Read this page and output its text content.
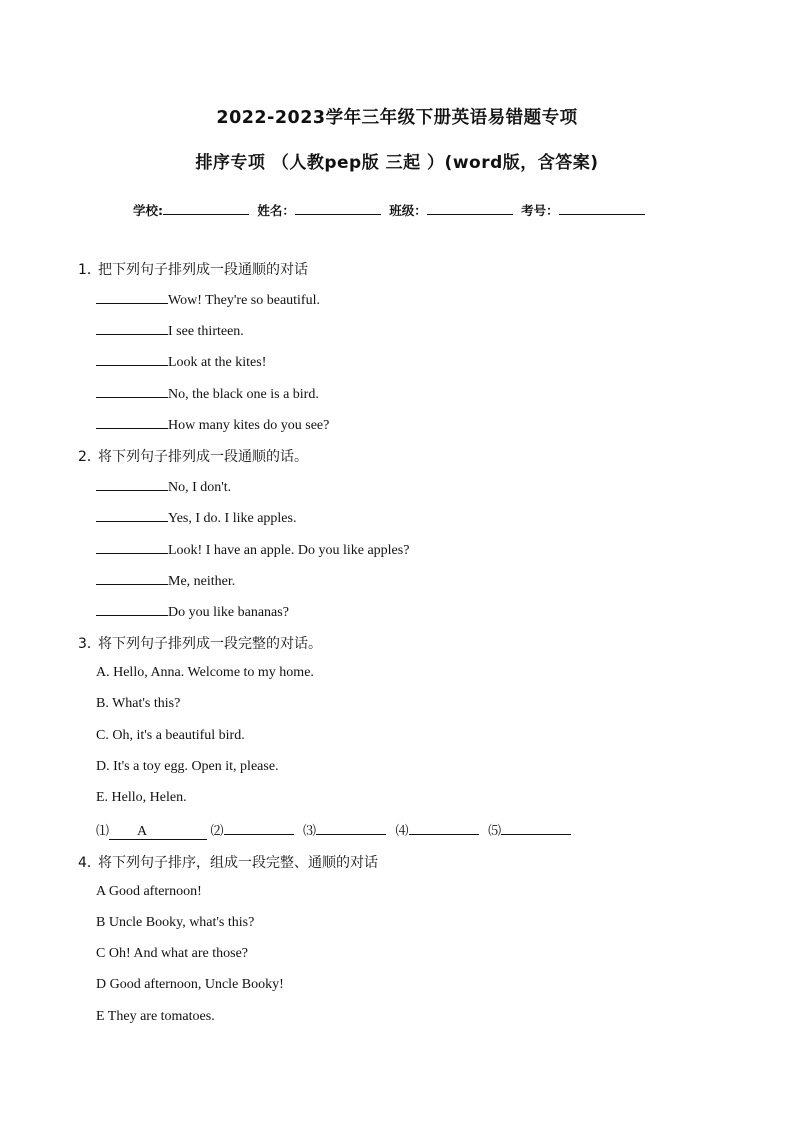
2022-2023学年三年级下册英语易错题专项
排序专项 （人教pep版 三起 ）(word版，含答案)
学校:	姓名：	班级：	考号：
1．把下列句子排列成一段通顺的对话
Wow! They're so beautiful.
I see thirteen.
Look at the kites!
No, the black one is a bird.
How many kites do you see?
2．将下列句子排列成一段通顺的话。
No, I don't.
Yes, I do. I like apples.
Look! I have an apple. Do you like apples?
Me, neither.
Do you like bananas?
3．将下列句子排列成一段完整的对话。
A. Hello, Anna. Welcome to my home.
B. What's this?
C. Oh, it's a beautiful bird.
D. It's a toy egg. Open it, please.
E. Hello, Helen.
⑴ A	⑵	⑶	⑷	⑸
4．将下列句子排序，组成一段完整、通顺的对话
A Good afternoon!
B Uncle Booky, what's this?
C Oh! And what are those?
D Good afternoon, Uncle Booky!
E They are tomatoes.
